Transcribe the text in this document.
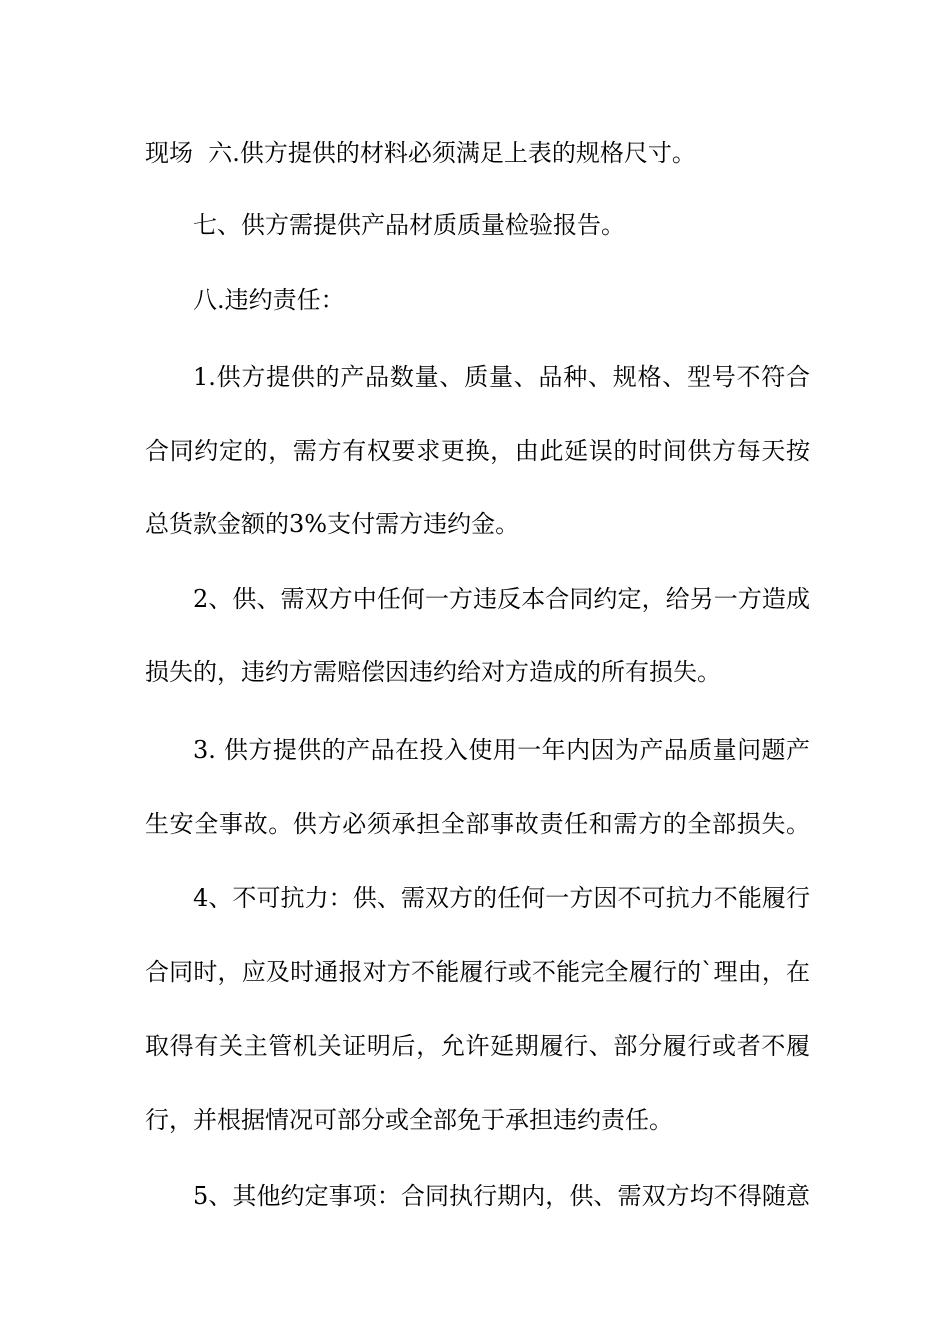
现场  六.供方提供的材料必须满足上表的规格尺寸。

七、供方需提供产品材质质量检验报告。

八.违约责任：

1.供方提供的产品数量、质量、品种、规格、型号不符合

合同约定的，需方有权要求更换，由此延误的时间供方每天按

总货款金额的3%支付需方违约金。

2、供、需双方中任何一方违反本合同约定，给另一方造成

损失的，违约方需赔偿因违约给对方造成的所有损失。

3. 供方提供的产品在投入使用一年内因为产品质量问题产

生安全事故。供方必须承担全部事故责任和需方的全部损失。

4、不可抗力：供、需双方的任何一方因不可抗力不能履行

合同时，应及时通报对方不能履行或不能完全履行的`理由，在

取得有关主管机关证明后，允许延期履行、部分履行或者不履

行，并根据情况可部分或全部免于承担违约责任。

5、其他约定事项：合同执行期内，供、需双方均不得随意
